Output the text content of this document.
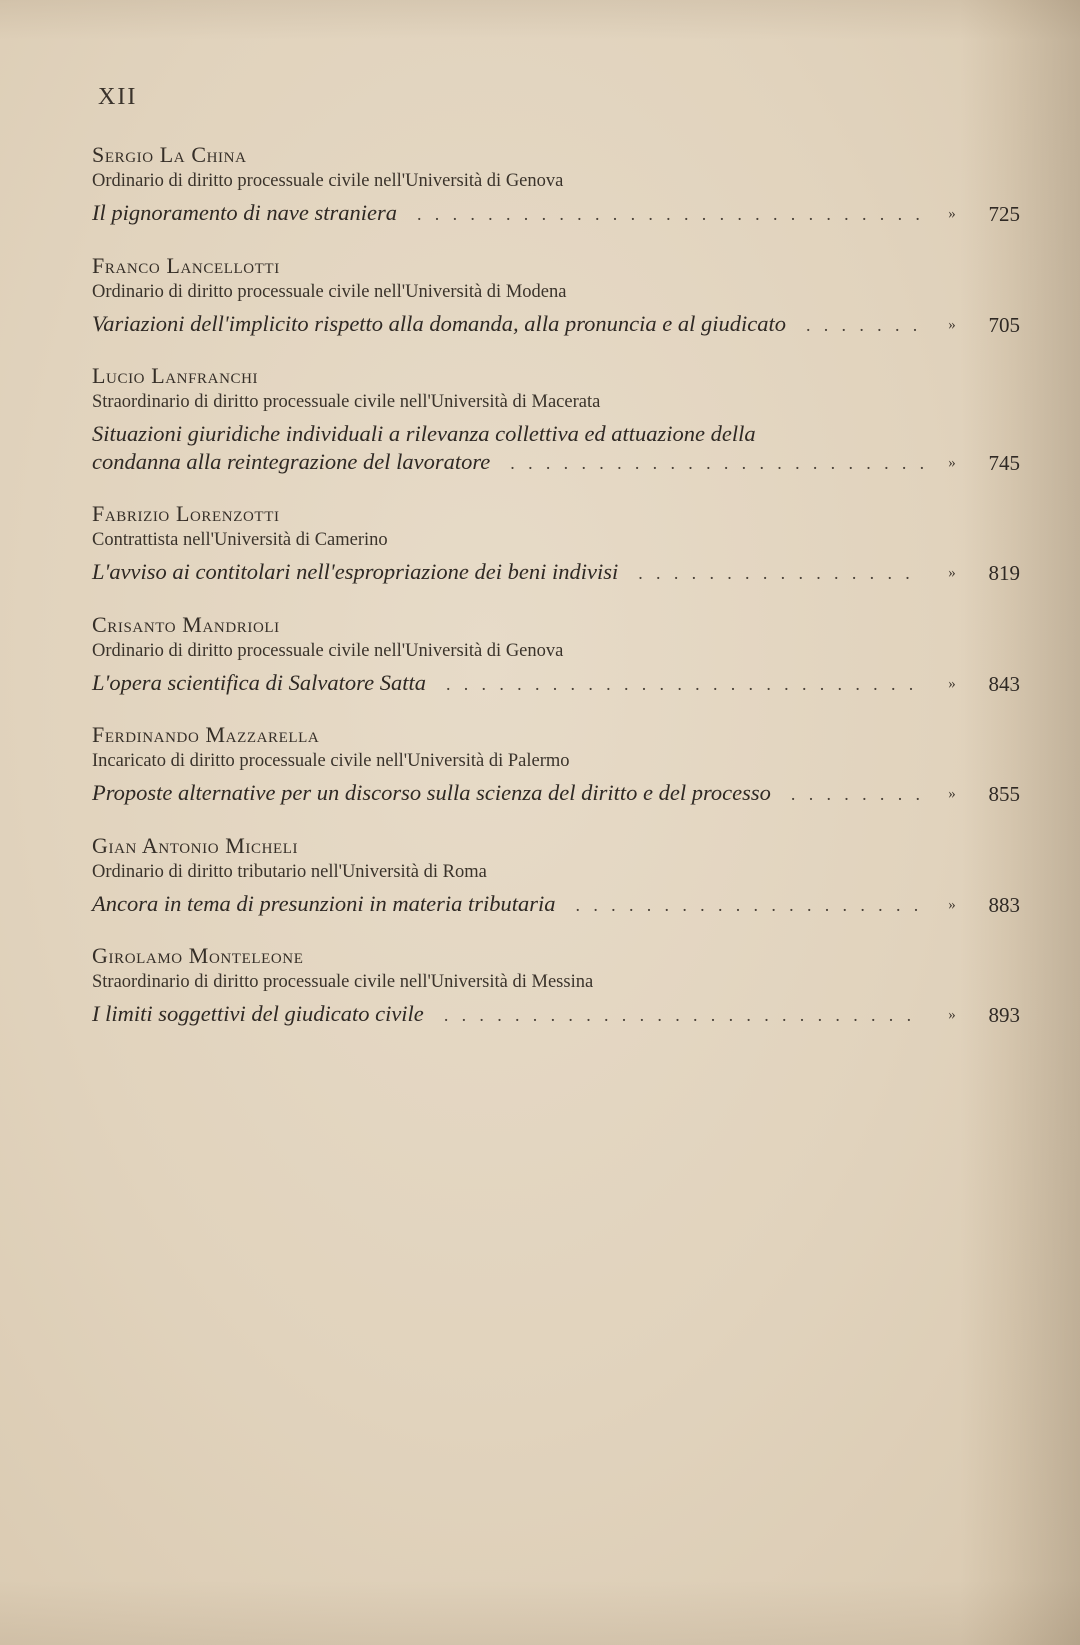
XII
Sergio La China
Ordinario di diritto processuale civile nell'Università di Genova
Il pignoramento di nave straniera . . .	»	725
Franco Lancellotti
Ordinario di diritto processuale civile nell'Università di Modena
Variazioni dell'implicito rispetto alla domanda, alla pronuncia e al giudicato . . .	»	705
Lucio Lanfranchi
Straordinario di diritto processuale civile nell'Università di Macerata
Situazioni giuridiche individuali a rilevanza collettiva ed attuazione della
condanna alla reintegrazione del lavoratore . . .	»	745
Fabrizio Lorenzotti
Contrattista nell'Università di Camerino
L'avviso ai contitolari nell'espropriazione dei beni indivisi . . .	»	819
Crisanto Mandrioli
Ordinario di diritto processuale civile nell'Università di Genova
L'opera scientifica di Salvatore Satta . . .	»	843
Ferdinando Mazzarella
Incaricato di diritto processuale civile nell'Università di Palermo
Proposte alternative per un discorso sulla scienza del diritto e del processo . . .	»	855
Gian Antonio Micheli
Ordinario di diritto tributario nell'Università di Roma
Ancora in tema di presunzioni in materia tributaria . . .	»	883
Girolamo Monteleone
Straordinario di diritto processuale civile nell'Università di Messina
I limiti soggettivi del giudicato civile . . .	»	893
